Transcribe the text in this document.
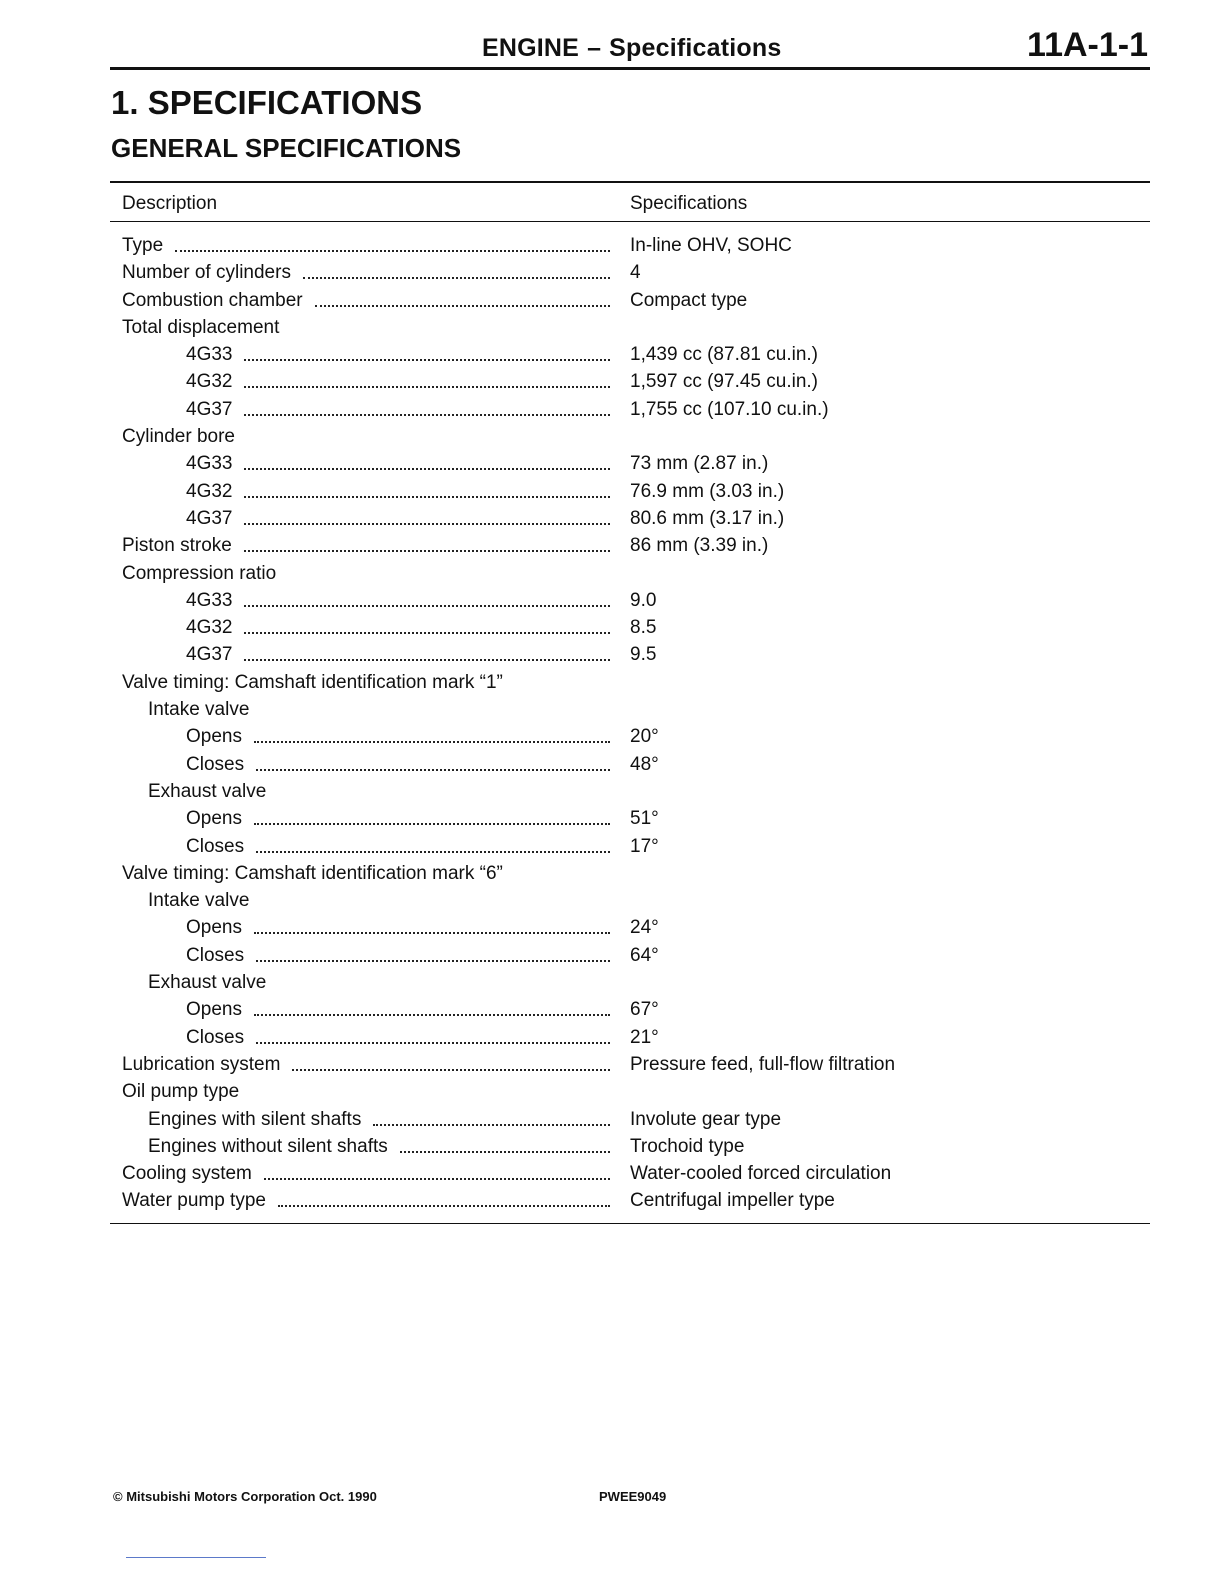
ENGINE – Specifications	11A-1-1
1. SPECIFICATIONS
GENERAL SPECIFICATIONS
Description	Specifications
Type	In-line OHV, SOHC
Number of cylinders	4
Combustion chamber	Compact type
Total displacement
4G33	1,439 cc (87.81 cu.in.)
4G32	1,597 cc (97.45 cu.in.)
4G37	1,755 cc (107.10 cu.in.)
Cylinder bore
4G33	73 mm (2.87 in.)
4G32	76.9 mm (3.03 in.)
4G37	80.6 mm (3.17 in.)
Piston stroke	86 mm (3.39 in.)
Compression ratio
4G33	9.0
4G32	8.5
4G37	9.5
Valve timing: Camshaft identification mark “1”
Intake valve
Opens	20°
Closes	48°
Exhaust valve
Opens	51°
Closes	17°
Valve timing: Camshaft identification mark “6”
Intake valve
Opens	24°
Closes	64°
Exhaust valve
Opens	67°
Closes	21°
Lubrication system	Pressure feed, full-flow filtration
Oil pump type
Engines with silent shafts	Involute gear type
Engines without silent shafts	Trochoid type
Cooling system	Water-cooled forced circulation
Water pump type	Centrifugal impeller type
© Mitsubishi Motors Corporation Oct. 1990	PWEE9049
